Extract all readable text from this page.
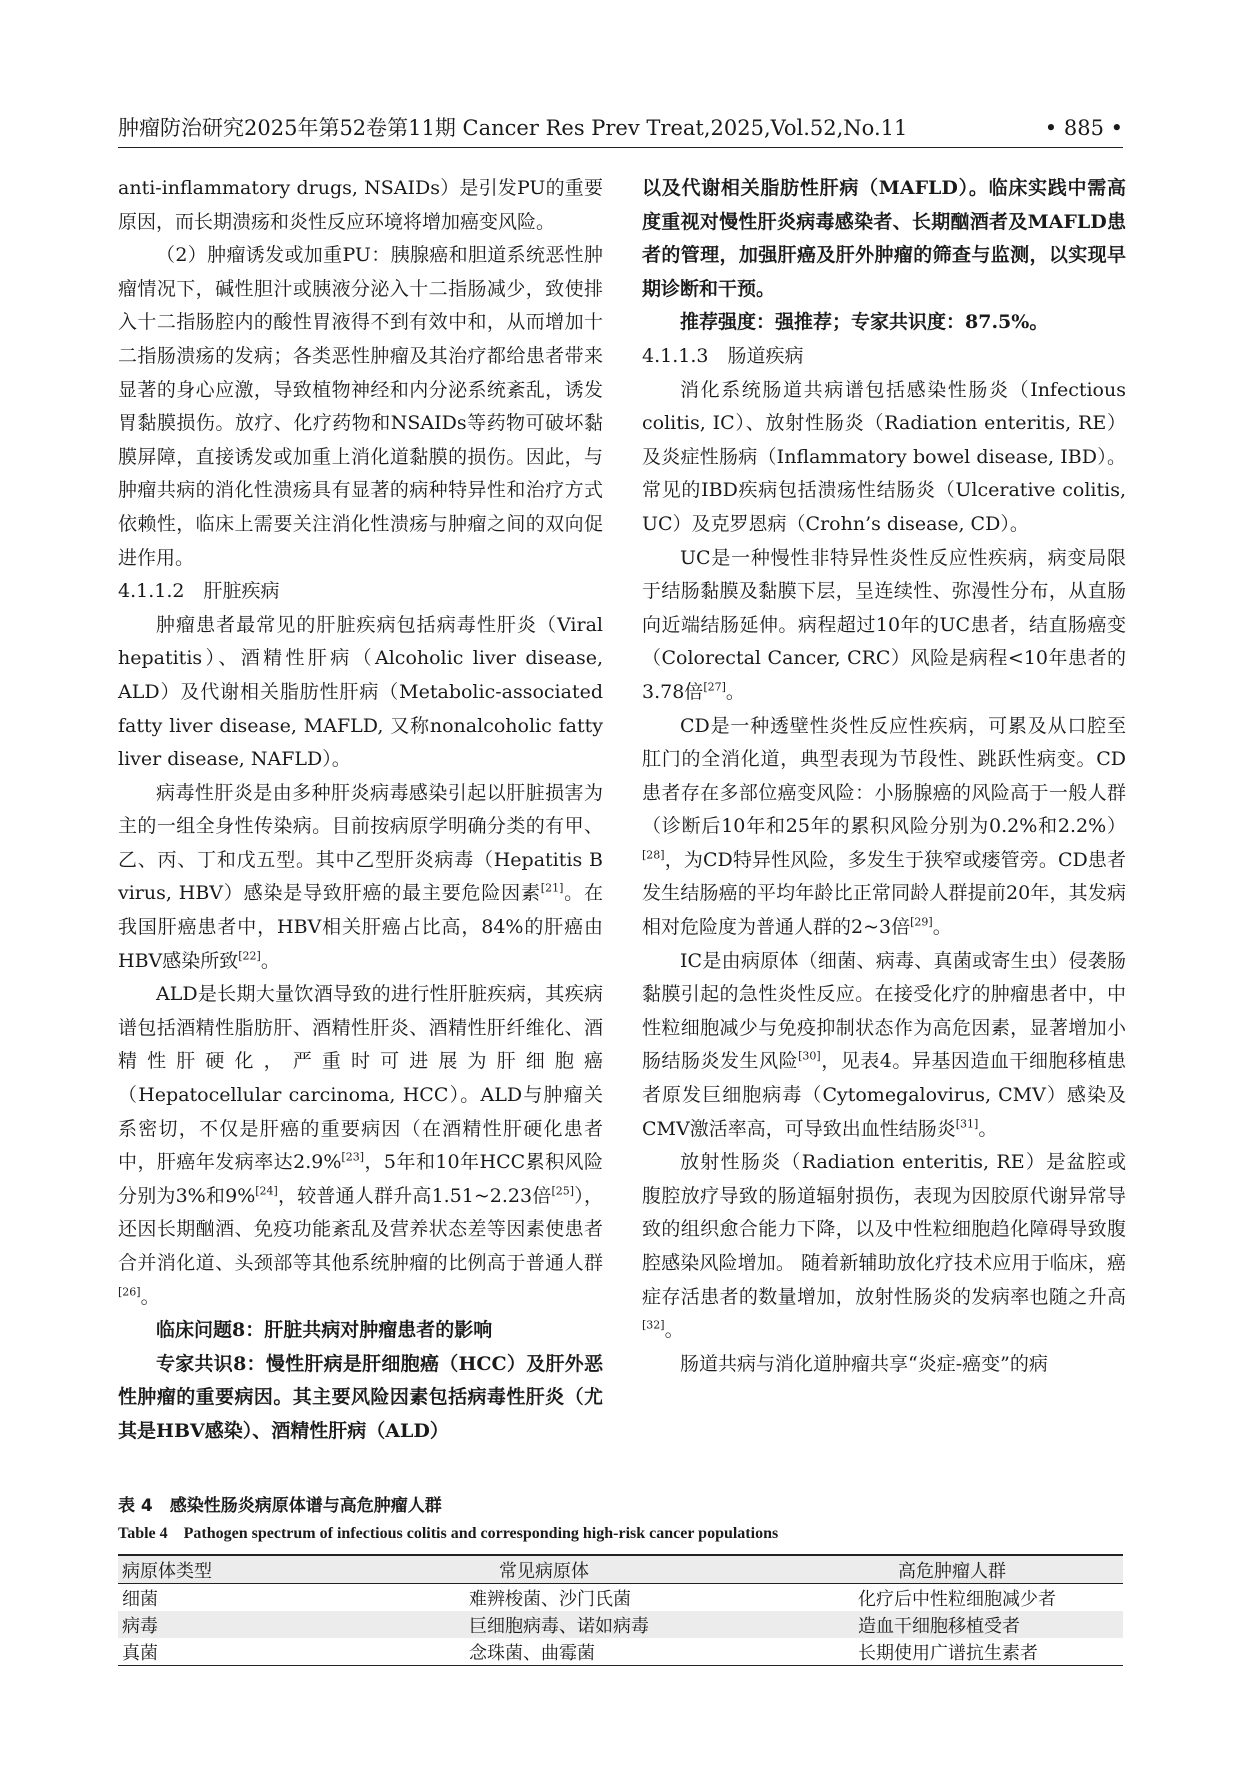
肿瘤防治研究2025年第52卷第11期 Cancer Res Prev Treat,2025,Vol.52,No.11	• 885 •

anti-inflammatory drugs, NSAIDs）是引发PU的重要原因，而长期溃疡和炎性反应环境将增加癌变风险。

（2）肿瘤诱发或加重PU：胰腺癌和胆道系统恶性肿瘤情况下，碱性胆汁或胰液分泌入十二指肠减少，致使排入十二指肠腔内的酸性胃液得不到有效中和，从而增加十二指肠溃疡的发病；各类恶性肿瘤及其治疗都给患者带来显著的身心应激，导致植物神经和内分泌系统紊乱，诱发胃黏膜损伤。放疗、化疗药物和NSAIDs等药物可破坏黏膜屏障，直接诱发或加重上消化道黏膜的损伤。因此，与肿瘤共病的消化性溃疡具有显著的病种特异性和治疗方式依赖性，临床上需要关注消化性溃疡与肿瘤之间的双向促进作用。

4.1.1.2　肝脏疾病

肿瘤患者最常见的肝脏疾病包括病毒性肝炎（Viral hepatitis）、酒精性肝病（Alcoholic liver disease, ALD）及代谢相关脂肪性肝病（Metabolic-associated fatty liver disease, MAFLD, 又称nonalcoholic fatty liver disease, NAFLD）。

病毒性肝炎是由多种肝炎病毒感染引起以肝脏损害为主的一组全身性传染病。目前按病原学明确分类的有甲、乙、丙、丁和戊五型。其中乙型肝炎病毒（Hepatitis B virus, HBV）感染是导致肝癌的最主要危险因素[21]。在我国肝癌患者中，HBV相关肝癌占比高，84%的肝癌由HBV感染所致[22]。

ALD是长期大量饮酒导致的进行性肝脏疾病，其疾病谱包括酒精性脂肪肝、酒精性肝炎、酒精性肝纤维化、酒精性肝硬化，严重时可进展为肝细胞癌（Hepatocellular carcinoma, HCC）。ALD与肿瘤关系密切，不仅是肝癌的重要病因（在酒精性肝硬化患者中，肝癌年发病率达2.9%[23]，5年和10年HCC累积风险分别为3%和9%[24]，较普通人群升高1.51~2.23倍[25]），还因长期酗酒、免疫功能紊乱及营养状态差等因素使患者合并消化道、头颈部等其他系统肿瘤的比例高于普通人群[26]。

临床问题8：肝脏共病对肿瘤患者的影响

专家共识8：慢性肝病是肝细胞癌（HCC）及肝外恶性肿瘤的重要病因。其主要风险因素包括病毒性肝炎（尤其是HBV感染）、酒精性肝病（ALD）

以及代谢相关脂肪性肝病（MAFLD）。临床实践中需高度重视对慢性肝炎病毒感染者、长期酗酒者及MAFLD患者的管理，加强肝癌及肝外肿瘤的筛查与监测，以实现早期诊断和干预。

推荐强度：强推荐；专家共识度：87.5%。

4.1.1.3　肠道疾病

消化系统肠道共病谱包括感染性肠炎（Infectious colitis, IC）、放射性肠炎（Radiation enteritis, RE）及炎症性肠病（Inflammatory bowel disease, IBD）。常见的IBD疾病包括溃疡性结肠炎（Ulcerative colitis, UC）及克罗恩病（Crohn’s disease, CD）。

UC是一种慢性非特异性炎性反应性疾病，病变局限于结肠黏膜及黏膜下层，呈连续性、弥漫性分布，从直肠向近端结肠延伸。病程超过10年的UC患者，结直肠癌变（Colorectal Cancer, CRC）风险是病程<10年患者的3.78倍[27]。

CD是一种透壁性炎性反应性疾病，可累及从口腔至肛门的全消化道，典型表现为节段性、跳跃性病变。CD患者存在多部位癌变风险：小肠腺癌的风险高于一般人群（诊断后10年和25年的累积风险分别为0.2%和2.2%）[28]，为CD特异性风险，多发生于狭窄或瘘管旁。CD患者发生结肠癌的平均年龄比正常同龄人群提前20年，其发病相对危险度为普通人群的2~3倍[29]。

IC是由病原体（细菌、病毒、真菌或寄生虫）侵袭肠黏膜引起的急性炎性反应。在接受化疗的肿瘤患者中，中性粒细胞减少与免疫抑制状态作为高危因素，显著增加小肠结肠炎发生风险[30]，见表4。异基因造血干细胞移植患者原发巨细胞病毒（Cytomegalovirus, CMV）感染及CMV激活率高，可导致出血性结肠炎[31]。

放射性肠炎（Radiation enteritis, RE）是盆腔或腹腔放疗导致的肠道辐射损伤，表现为因胶原代谢异常导致的组织愈合能力下降，以及中性粒细胞趋化障碍导致腹腔感染风险增加。 随着新辅助放化疗技术应用于临床，癌症存活患者的数量增加，放射性肠炎的发病率也随之升高[32]。

肠道共病与消化道肿瘤共享“炎症-癌变”的病

表 4　感染性肠炎病原体谱与高危肿瘤人群
Table 4　Pathogen spectrum of infectious colitis and corresponding high-risk cancer populations
病原体类型	常见病原体	高危肿瘤人群
细菌	难辨梭菌、沙门氏菌	化疗后中性粒细胞减少者
病毒	巨细胞病毒、诺如病毒	造血干细胞移植受者
真菌	念珠菌、曲霉菌	长期使用广谱抗生素者
